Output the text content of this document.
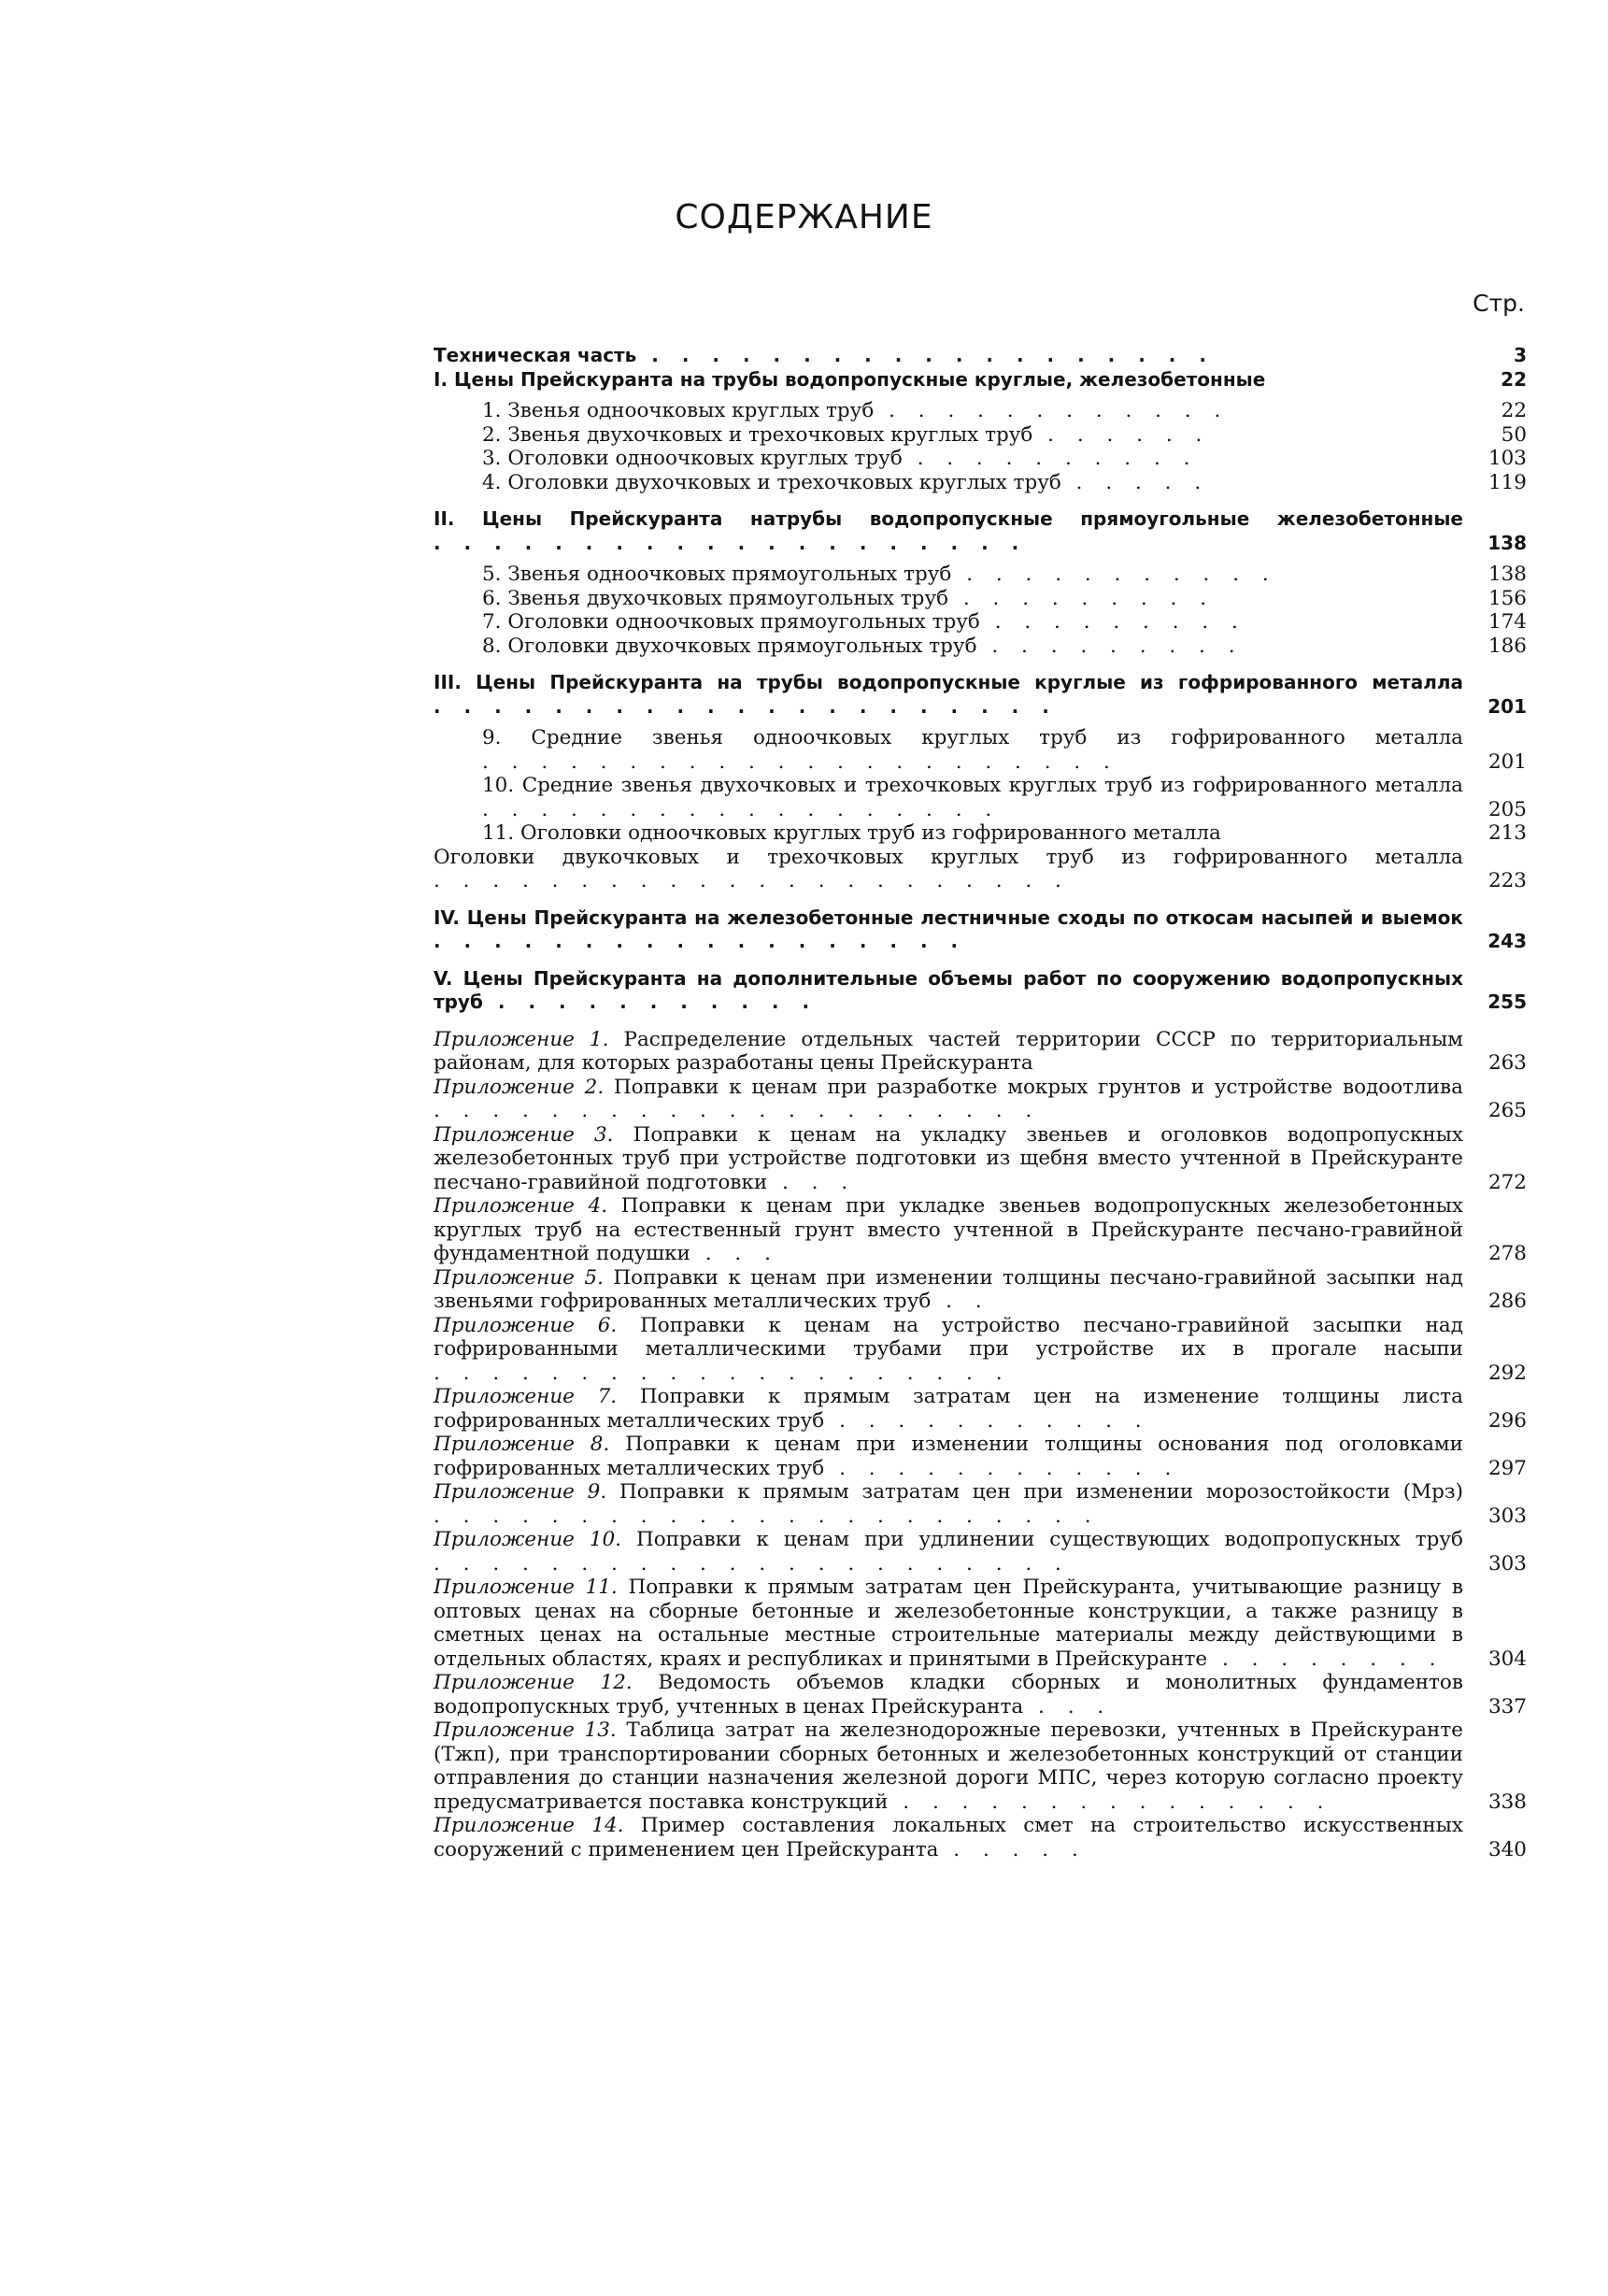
СОДЕРЖАНИЕ
Стр.
Техническая часть . . . . . . . . . . . . . . . . . . .	3
I. Цены Прейскуранта на трубы водопропускные круглые, железобетонные	22
1. Звенья одноочковых круглых труб . . . . . . . . . . . .	22
2. Звенья двухочковых и трехочковых круглых труб . . . . . .	50
3. Оголовки одноочковых круглых труб . . . . . . . . . .	103
4. Оголовки двухочковых и трехочковых круглых труб . . . . .	119
II. Цены Прейскуранта натрубы водопропускные прямоугольные железобетонные . . . . . . . . . . . . . . . . . . . .	138
5. Звенья одноочковых прямоугольных труб . . . . . . . . . . .	138
6. Звенья двухочковых прямоугольных труб . . . . . . . . .	156
7. Оголовки одноочковых прямоугольных труб . . . . . . . . .	174
8. Оголовки двухочковых прямоугольных труб . . . . . . . . .	186
III. Цены Прейскуранта на трубы водопропускные круглые из гофрированного металла . . . . . . . . . . . . . . . . . . . . .	201
9. Средние звенья одноочковых круглых труб из гофрированного металла . . . . . . . . . . . . . . . . . . . . . .	201
10. Средние звенья двухочковых и трехочковых круглых труб из гофрированного металла . . . . . . . . . . . . . . . . . .	205
11. Оголовки одноочковых круглых труб из гофрированного металла	213
Оголовки двукочковых и трехочковых круглых труб из гофрированного металла . . . . . . . . . . . . . . . . . . . . . .	223
IV. Цены Прейскуранта на железобетонные лестничные сходы по откосам насыпей и выемок . . . . . . . . . . . . . . . . . .	243
V. Цены Прейскуранта на дополнительные объемы работ по сооружению водопропускных труб . . . . . . . . . . .	255
Приложение 1. Распределение отдельных частей территории СССР по территориальным районам, для которых разработаны цены Прейскуранта	263
Приложение 2. Поправки к ценам при разработке мокрых грунтов и устройстве водоотлива . . . . . . . . . . . . . . . . . . . . .	265
Приложение 3. Поправки к ценам на укладку звеньев и оголовков водопропускных железобетонных труб при устройстве подготовки из щебня вместо учтенной в Прейскуранте песчано-гравийной подготовки . . .	272
Приложение 4. Поправки к ценам при укладке звеньев водопропускных железобетонных круглых труб на естественный грунт вместо учтенной в Прейскуранте песчано-гравийной фундаментной подушки . . .	278
Приложение 5. Поправки к ценам при изменении толщины песчано-гравийной засыпки над звеньями гофрированных металлических труб . .	286
Приложение 6. Поправки к ценам на устройство песчано-гравийной засыпки над гофрированными металлическими трубами при устройстве их в прогале насыпи . . . . . . . . . . . . . . . . . . . .	292
Приложение 7. Поправки к прямым затратам цен на изменение толщины листа гофрированных металлических труб . . . . . . . . . . .	296
Приложение 8. Поправки к ценам при изменении толщины основания под оголовками гофрированных металлических труб . . . . . . . . . . . .	297
Приложение 9. Поправки к прямым затратам цен при изменении морозостойкости (Мрз) . . . . . . . . . . . . . . . . . . . . . . .	303
Приложение 10. Поправки к ценам при удлинении существующих водопропускных труб . . . . . . . . . . . . . . . . . . . . . .	303
Приложение 11. Поправки к прямым затратам цен Прейскуранта, учитывающие разницу в оптовых ценах на сборные бетонные и железобетонные конструкции, а также разницу в сметных ценах на остальные местные строительные материалы между действующими в отдельных областях, краях и республиках и принятыми в Прейскуранте . . . . . . . .	304
Приложение 12. Ведомость объемов кладки сборных и монолитных фундаментов водопропускных труб, учтенных в ценах Прейскуранта . . .	337
Приложение 13. Таблица затрат на железнодорожные перевозки, учтенных в Прейскуранте (Тжп), при транспортировании сборных бетонных и железобетонных конструкций от станции отправления до станции назначения железной дороги МПС, через которую согласно проекту предусматривается поставка конструкций . . . . . . . . . . . . . . .	338
Приложение 14. Пример составления локальных смет на строительство искусственных сооружений с применением цен Прейскуранта . . . . .	340
